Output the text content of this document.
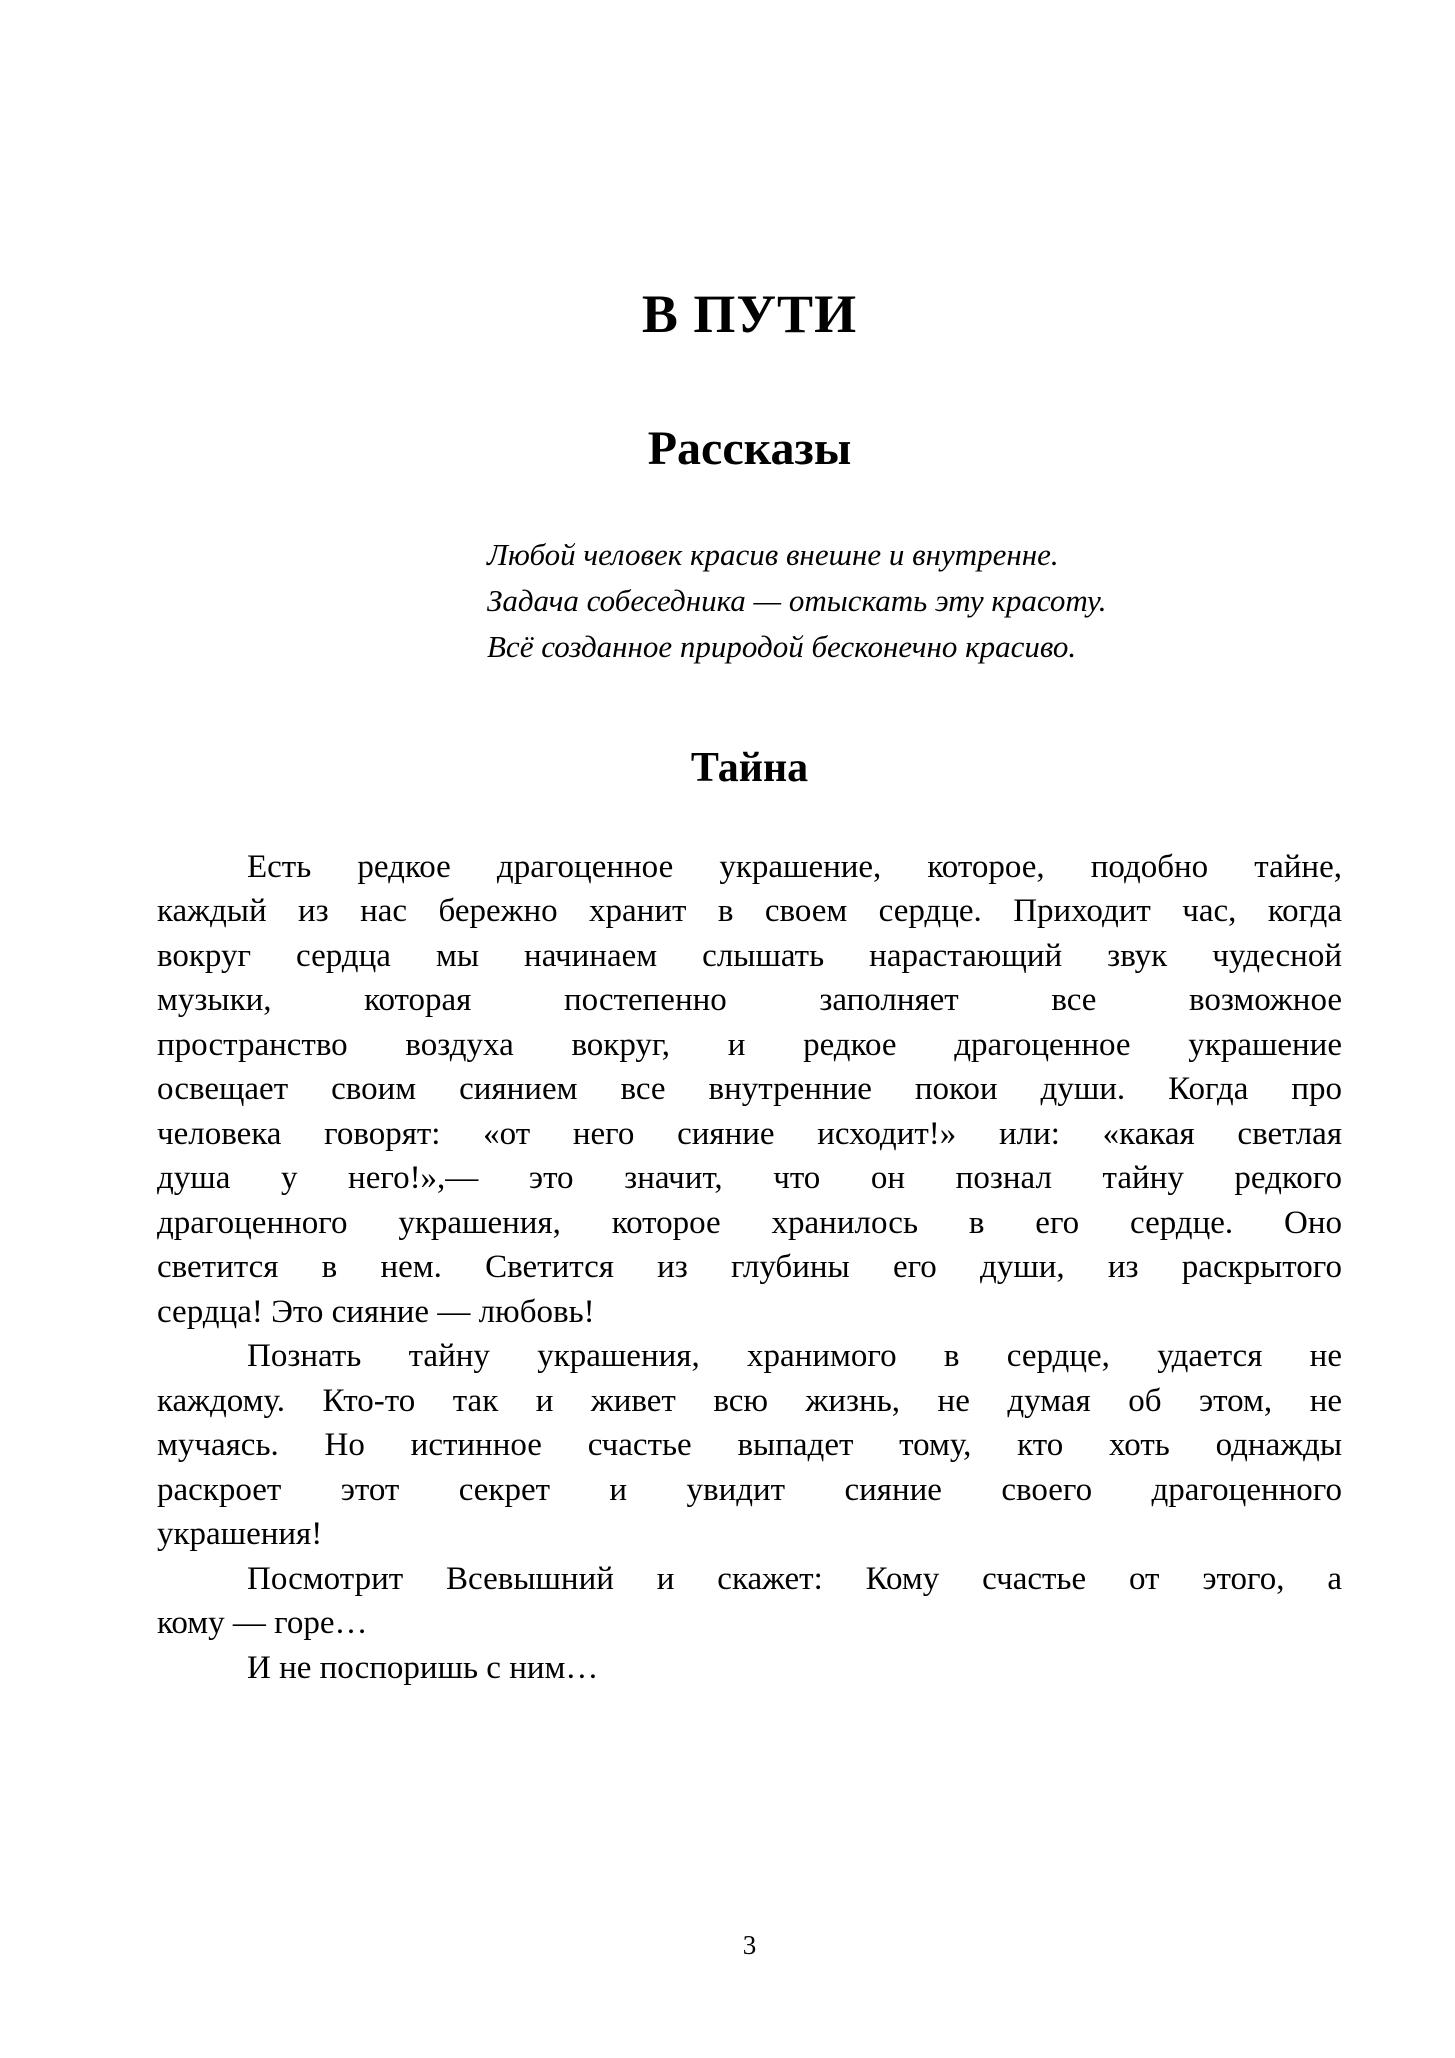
В ПУТИ
Рассказы
Любой человек красив внешне и внутренне.
Задача собеседника — отыскать эту красоту.
Всё созданное природой бесконечно красиво.
Тайна
Есть редкое драгоценное украшение, которое, подобно тайне,
каждый из нас бережно хранит в своем сердце. Приходит час, когда
вокруг сердца мы начинаем слышать нарастающий звук чудесной
музыки, которая постепенно заполняет все возможное
пространство воздуха вокруг, и редкое драгоценное украшение
освещает своим сиянием все внутренние покои души. Когда про
человека говорят: «от него сияние исходит!» или: «какая светлая
душа у него!»,— это значит, что он познал тайну редкого
драгоценного украшения, которое хранилось в его сердце. Оно
светится в нем. Светится из глубины его души, из раскрытого
сердца! Это сияние — любовь!
Познать тайну украшения, хранимого в сердце, удается не
каждому. Кто-то так и живет всю жизнь, не думая об этом, не
мучаясь. Но истинное счастье выпадет тому, кто хоть однажды
раскроет этот секрет и увидит сияние своего драгоценного
украшения!
Посмотрит Всевышний и скажет: Кому счастье от этого, а
кому — горе…
И не поспоришь с ним…
3
